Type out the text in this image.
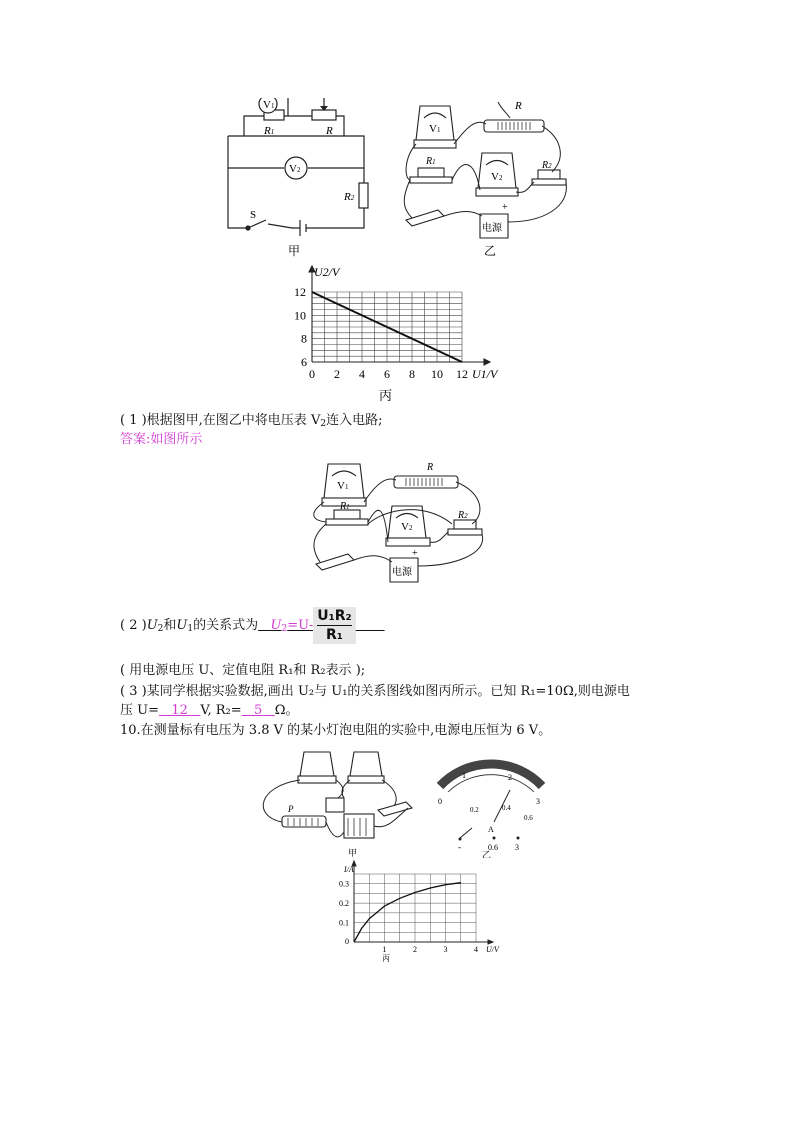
V1
V2
R1	R
R2
S
甲
R
V1
R1
V2
R2
电源
+
乙
0 2 4 6 8 10 12
6
8
10
12
U2/V
U1/V
丙
( 1 )根据图甲,在图乙中将电压表 V2连入电路;
答案:如图所示
R
V1
R1
V2
R2
电源
+
( 2 )U2和U1的关系式为 $U2=U- \frac{\text{U₁R₂}}{\text{R₁}}$

( 用电源电压 U、定值电阻 R₁和 R₂表示 );
( 3 )某同学根据实验数据,画出 U₂与 U₁的关系图线如图丙所示。已知 R₁=10Ω,则电源电
压 U= 12 V, R₂= 5 Ω。
10.在测量标有电压为 3.8 V 的某小灯泡电阻的实验中,电源电压恒为 6 V。
P
0
1	2
3
0.2	0.4
0.6
-	0.6 3
A
甲	乙
0
1	2	3	4
0.1
0.2
0.3
I/A
U/V
丙
